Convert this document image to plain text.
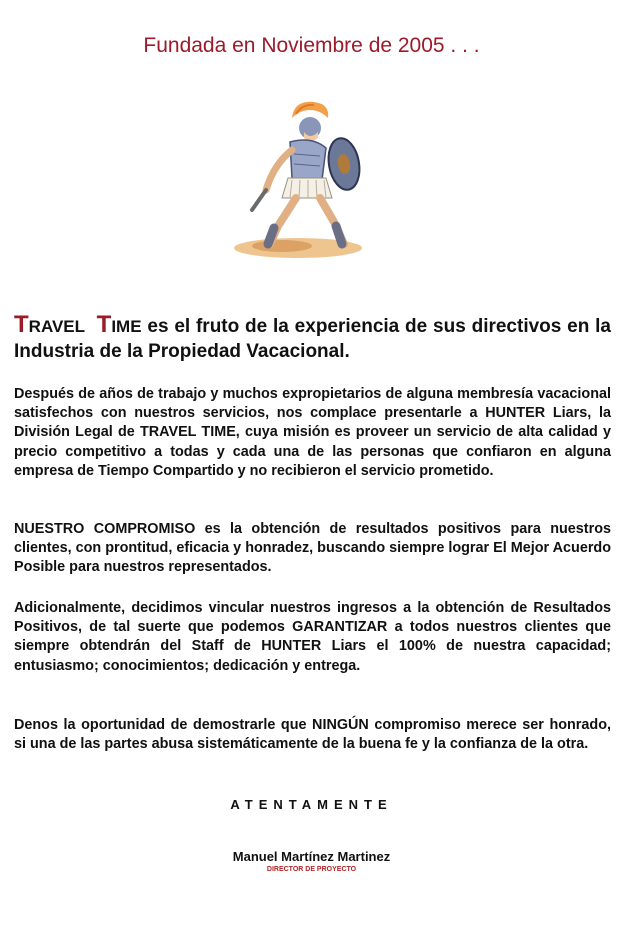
Fundada en Noviembre de 2005 . . .

TRAVEL TIME es el fruto de la experiencia de sus directivos en la Industria de la Propiedad Vacacional.

Después de años de trabajo y muchos expropietarios de alguna membresía vacacional satisfechos con nuestros servicios, nos complace presentarle a HUNTER Liars, la División Legal de TRAVEL TIME, cuya misión es proveer un servicio de alta calidad y precio competitivo a todas y cada una de las personas que confiaron en alguna empresa de Tiempo Compartido y no recibieron el servicio prometido.

NUESTRO COMPROMISO es la obtención de resultados positivos para nuestros clientes, con prontitud, eficacia y honradez, buscando siempre lograr El Mejor Acuerdo Posible para nuestros representados.

Adicionalmente, decidimos vincular nuestros ingresos a la obtención de Resultados Positivos, de tal suerte que podemos GARANTIZAR a todos nuestros clientes que siempre obtendrán del Staff de HUNTER Liars el 100% de nuestra capacidad; entusiasmo; conocimientos; dedicación y entrega.

Denos la oportunidad de demostrarle que NINGÚN compromiso merece ser honrado, si una de las partes abusa sistemáticamente de la buena fe y la confianza de la otra.

ATENTAMENTE

Manuel Martínez Martinez

DIRECTOR DE PROYECTO
